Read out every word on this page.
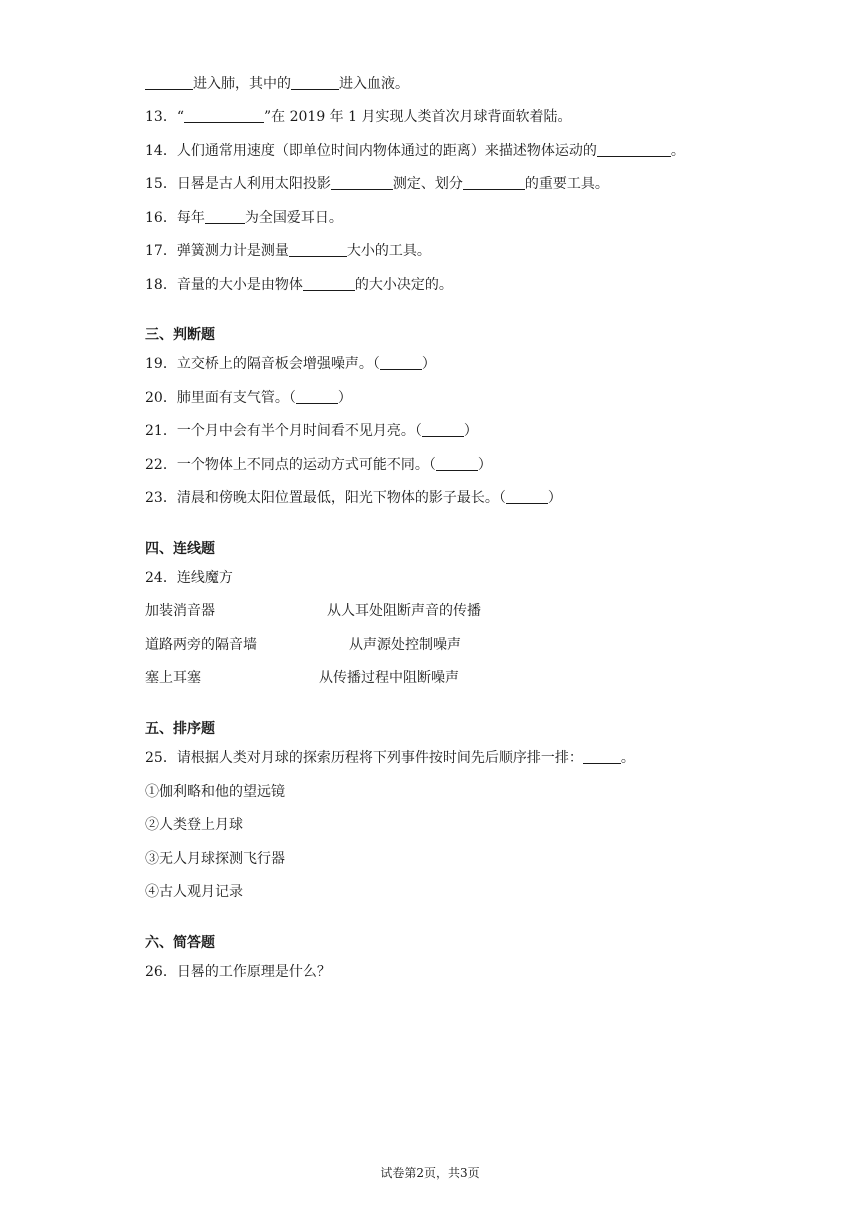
进入肺，其中的	进入血液。
13．“	”在 2019 年 1 月实现人类首次月球背面软着陆。
14．人们通常用速度（即单位时间内物体通过的距离）来描述物体运动的	。
15．日晷是古人利用太阳投影	测定、划分	的重要工具。
16．每年	为全国爱耳日。
17．弹簧测力计是测量	大小的工具。
18．音量的大小是由物体	的大小决定的。
三、判断题
19．立交桥上的隔音板会增强噪声。（	）
20．肺里面有支气管。（	）
21．一个月中会有半个月时间看不见月亮。（	）
22．一个物体上不同点的运动方式可能不同。（	）
23．清晨和傍晚太阳位置最低，阳光下物体的影子最长。（	）
四、连线题
24．连线魔方
加装消音器	从人耳处阻断声音的传播
道路两旁的隔音墙	从声源处控制噪声
塞上耳塞	从传播过程中阻断噪声
五、排序题
25．请根据人类对月球的探索历程将下列事件按时间先后顺序排一排：	。
①伽利略和他的望远镜
②人类登上月球
③无人月球探测飞行器
④古人观月记录
六、简答题
26．日晷的工作原理是什么？
试卷第2页，共3页
